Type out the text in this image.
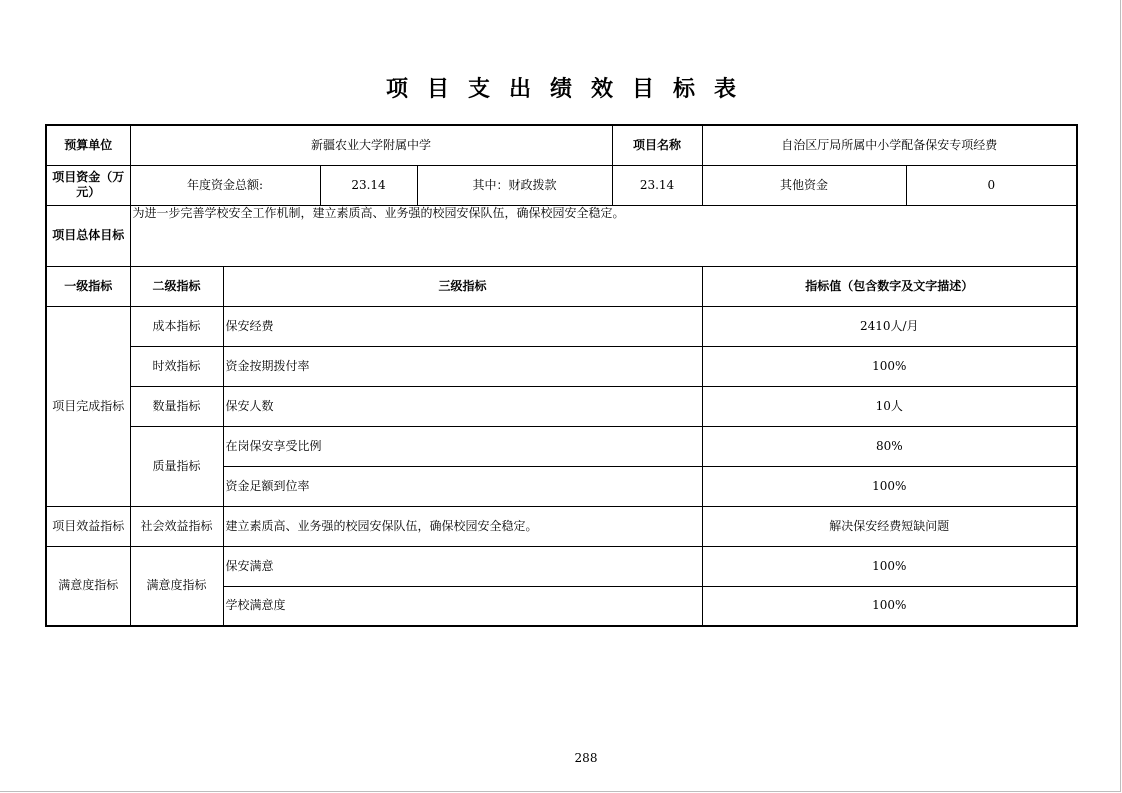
项目支出绩效目标表
预算单位	新疆农业大学附属中学				项目名称	自治区厅局所属中小学配备保安专项经费	
项目资金（万元）	年度资金总额:		23.14	其中：财政拨款	23.14	其他资金	0
项目总体目标	为进一步完善学校安全工作机制，建立素质高、业务强的校园安保队伍，确保校园安全稳定。						
一级指标	二级指标	三级指标				指标值（包含数字及文字描述）	
项目完成指标	成本指标	保安经费				2410人/月	
	时效指标	资金按期拨付率				100%	
	数量指标	保安人数				10人	
	质量指标	在岗保安享受比例				80%	
		资金足额到位率				100%	
项目效益指标	社会效益指标	建立素质高、业务强的校园安保队伍，确保校园安全稳定。				解决保安经费短缺问题	
满意度指标	满意度指标	保安满意				100%	
		学校满意度				100%	
288
